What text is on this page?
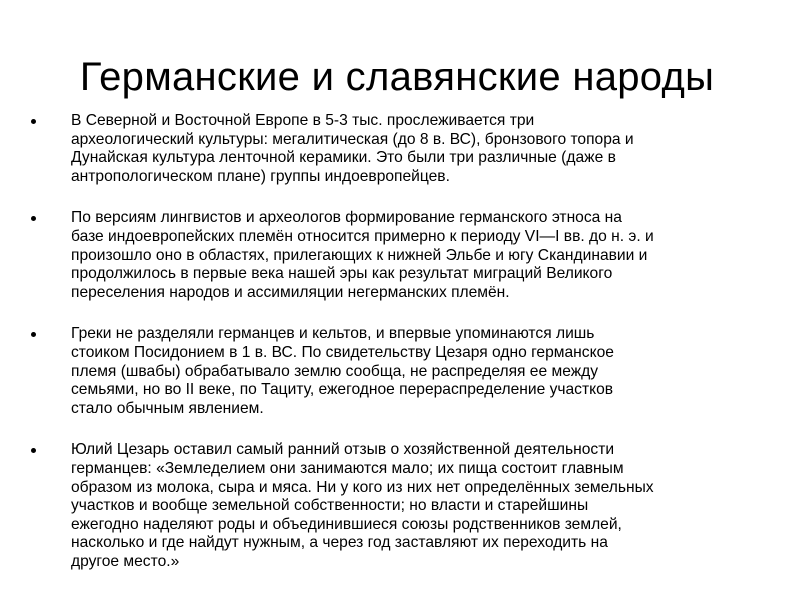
Германские и славянские народы
В Северной и Восточной Европе в 5-3 тыс. прослеживается три
археологический культуры: мегалитическая (до 8 в. ВС), бронзового топора и
Дунайская культура ленточной керамики. Это были три различные (даже в
антропологическом плане) группы индоевропейцев.
По версиям лингвистов и археологов формирование германского этноса на
базе индоевропейских племён относится примерно к периоду VI—I вв. до н. э. и
произошло оно в областях, прилегающих к нижней Эльбе и югу Скандинавии и
продолжилось в первые века нашей эры как результат миграций Великого
переселения народов и ассимиляции негерманских племён.
Греки не разделяли германцев и кельтов, и впервые упоминаются лишь
стоиком Посидонием в 1 в. ВС. По свидетельству Цезаря одно германское
племя (швабы) обрабатывало землю сообща, не распределяя ее между
семьями, но во II веке, по Тациту, ежегодное перераспределение участков
стало обычным явлением.
Юлий Цезарь оставил самый ранний отзыв о хозяйственной деятельности
германцев: «Земледелием они занимаются мало; их пища состоит главным
образом из молока, сыра и мяса. Ни у кого из них нет определённых земельных
участков и вообще земельной собственности; но власти и старейшины
ежегодно наделяют роды и объединившиеся союзы родственников землей,
насколько и где найдут нужным, а через год заставляют их переходить на
другое место.»
